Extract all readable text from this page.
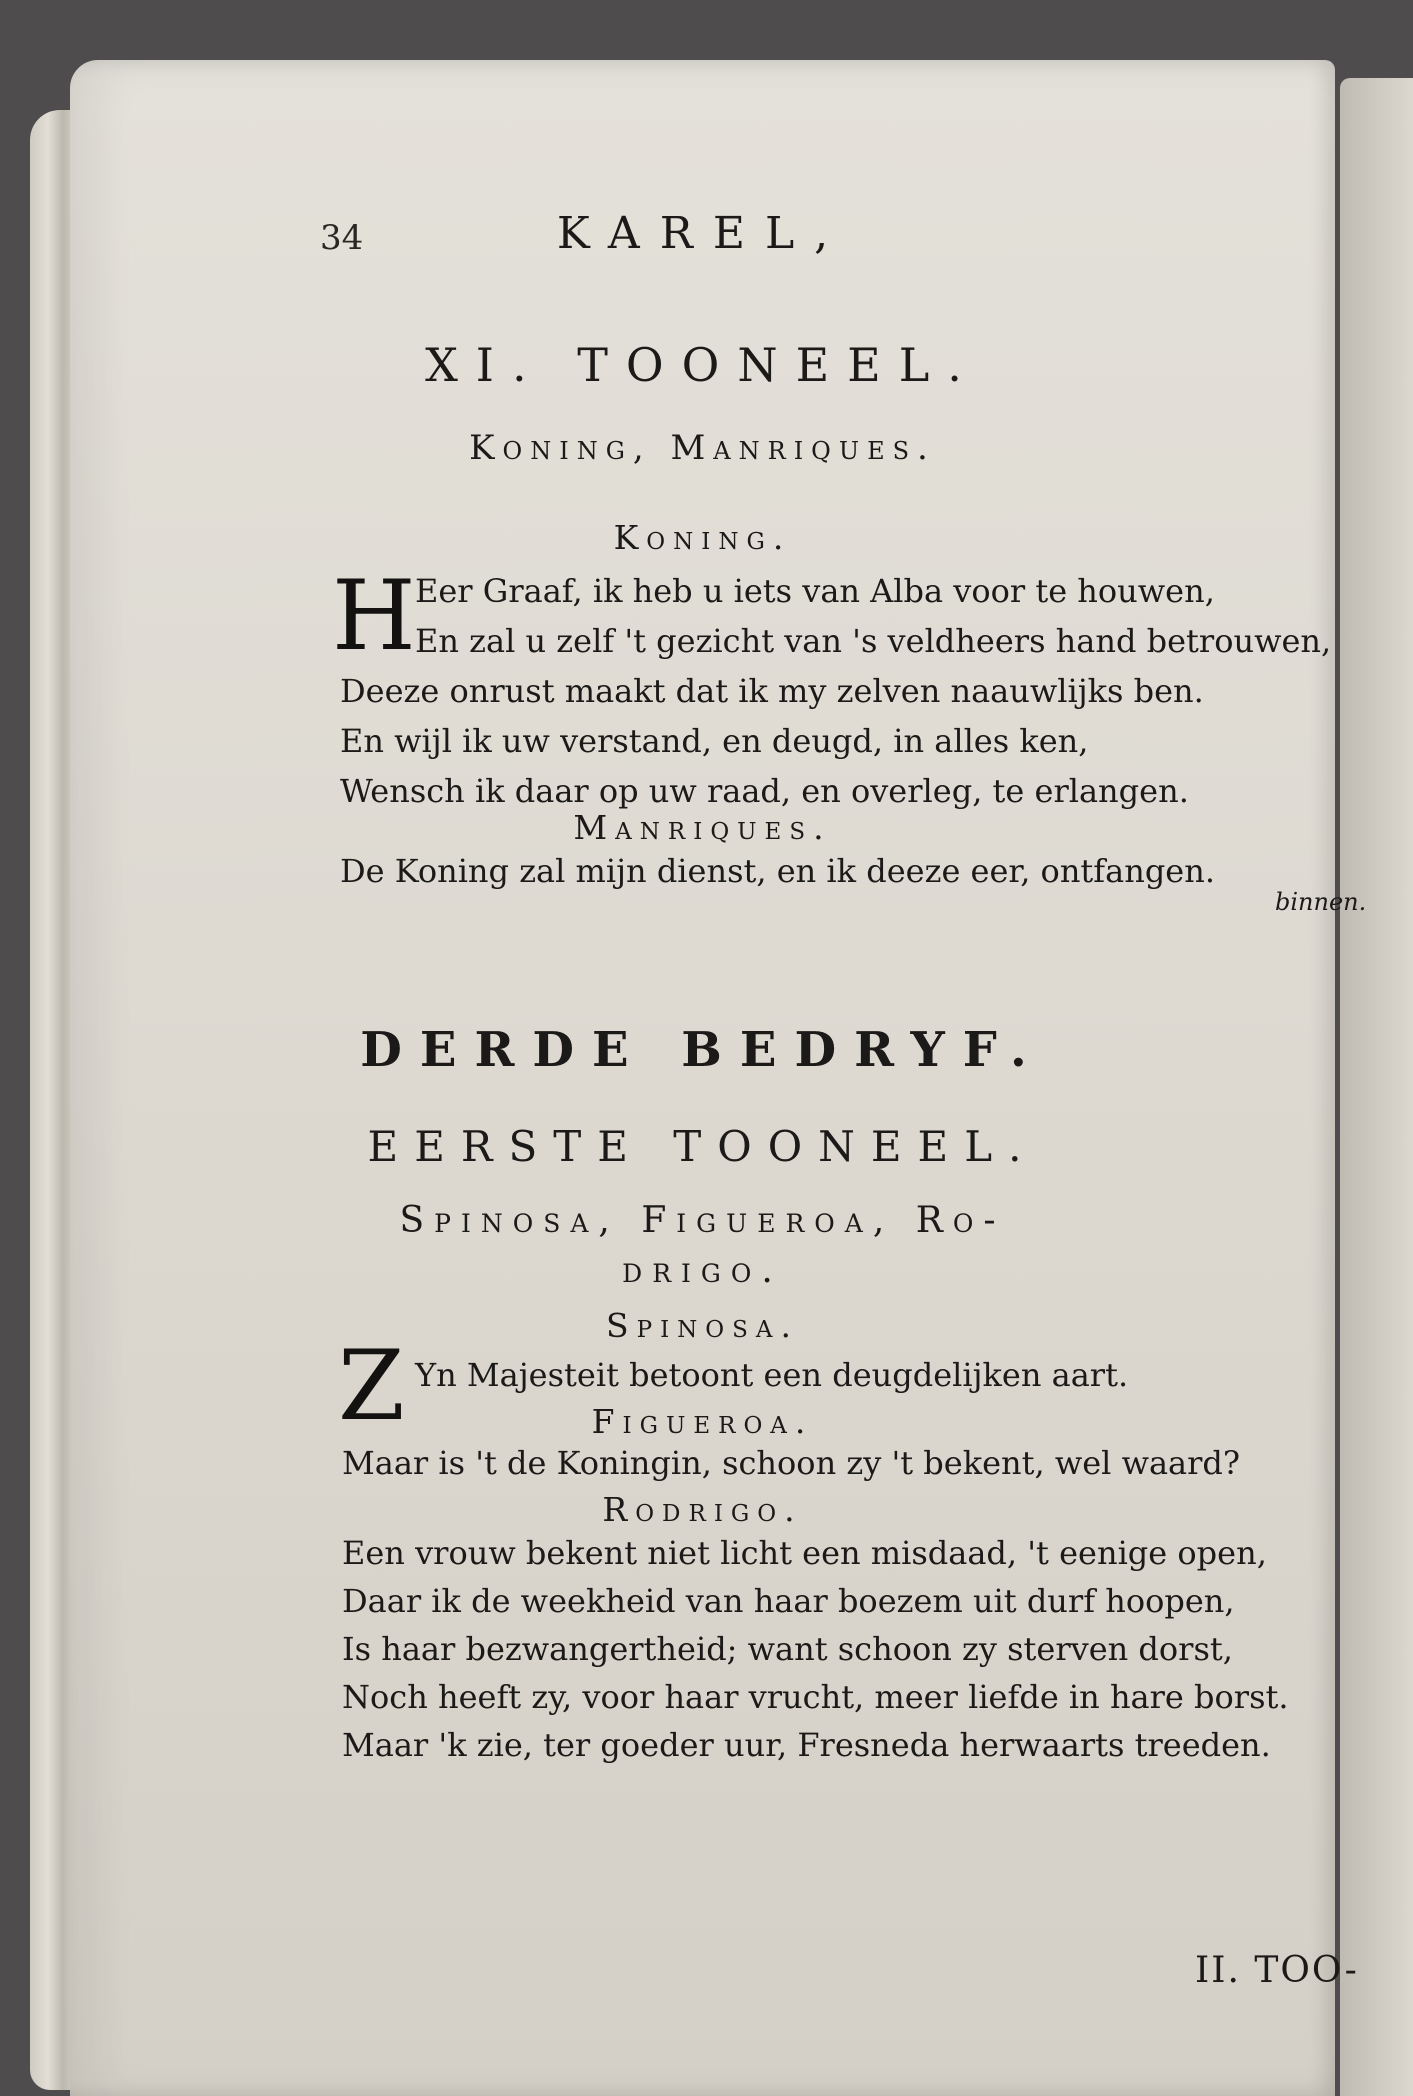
34	KAREL,
XI. TOONEEL.
Koning, Manriques.
Koning.
H Eer Graaf, ik heb u iets van Alba voor te houwen,
En zal u zelf 't gezicht van 's veldheers hand betrouwen,
Deeze onrust maakt dat ik my zelven naauwlijks ben.
En wijl ik uw verstand, en deugd, in alles ken,
Wensch ik daar op uw raad, en overleg, te erlangen.
Manriques.
De Koning zal mijn dienst, en ik deeze eer, ontfangen.
binnen.
DERDE BEDRYF.
EERSTE TOONEEL.
Spinosa, Figueroa, Ro-
drigo.
Spinosa.
Z Yn Majesteit betoont een deugdelijken aart.
Figueroa.
Maar is 't de Koningin, schoon zy 't bekent, wel waard?
Rodrigo.
Een vrouw bekent niet licht een misdaad, 't eenige open,
Daar ik de weekheid van haar boezem uit durf hoopen,
Is haar bezwangertheid; want schoon zy sterven dorst,
Noch heeft zy, voor haar vrucht, meer liefde in hare borst.
Maar 'k zie, ter goeder uur, Fresneda herwaarts treeden.
II. TOO-
